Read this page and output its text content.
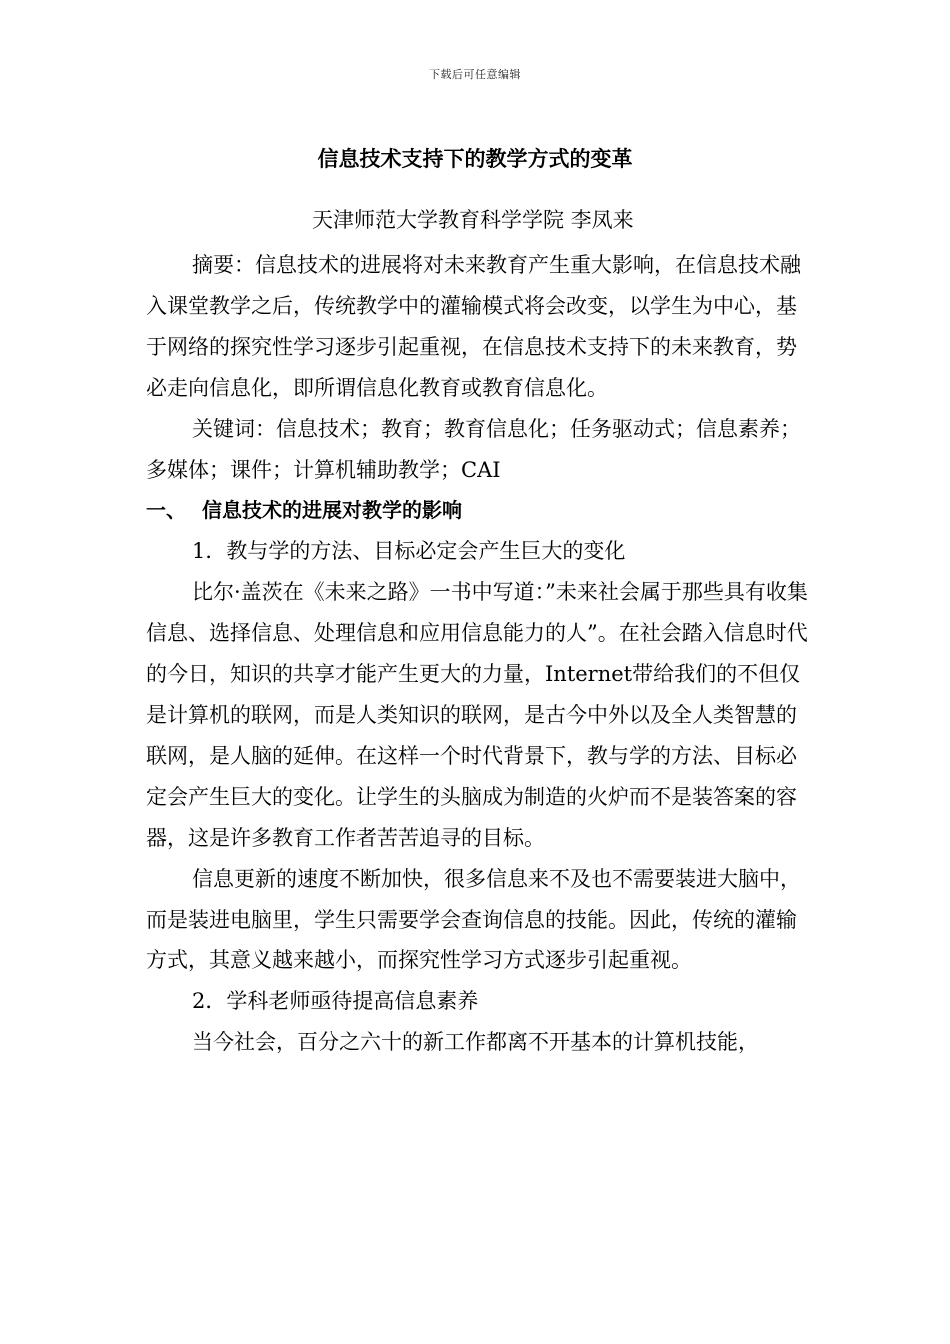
下载后可任意编辑
信息技术支持下的教学方式的变革
天津师范大学教育科学学院 李凤来

摘要：信息技术的进展将对未来教育产生重大影响，在信息技术融入课堂教学之后，传统教学中的灌输模式将会改变，以学生为中心，基于网络的探究性学习逐步引起重视，在信息技术支持下的未来教育，势必走向信息化，即所谓信息化教育或教育信息化。

关键词：信息技术；教育；教育信息化；任务驱动式；信息素养；多媒体；课件；计算机辅助教学；CAI

一、 信息技术的进展对教学的影响

1．教与学的方法、目标必定会产生巨大的变化

比尔·盖茨在《未来之路》一书中写道：”未来社会属于那些具有收集信息、选择信息、处理信息和应用信息能力的人”。在社会踏入信息时代的今日，知识的共享才能产生更大的力量，Internet带给我们的不但仅是计算机的联网，而是人类知识的联网，是古今中外以及全人类智慧的联网，是人脑的延伸。在这样一个时代背景下，教与学的方法、目标必定会产生巨大的变化。让学生的头脑成为制造的火炉而不是装答案的容器，这是许多教育工作者苦苦追寻的目标。

信息更新的速度不断加快，很多信息来不及也不需要装进大脑中，而是装进电脑里，学生只需要学会查询信息的技能。因此，传统的灌输方式，其意义越来越小，而探究性学习方式逐步引起重视。

2．学科老师亟待提高信息素养

当今社会，百分之六十的新工作都离不开基本的计算机技能，
